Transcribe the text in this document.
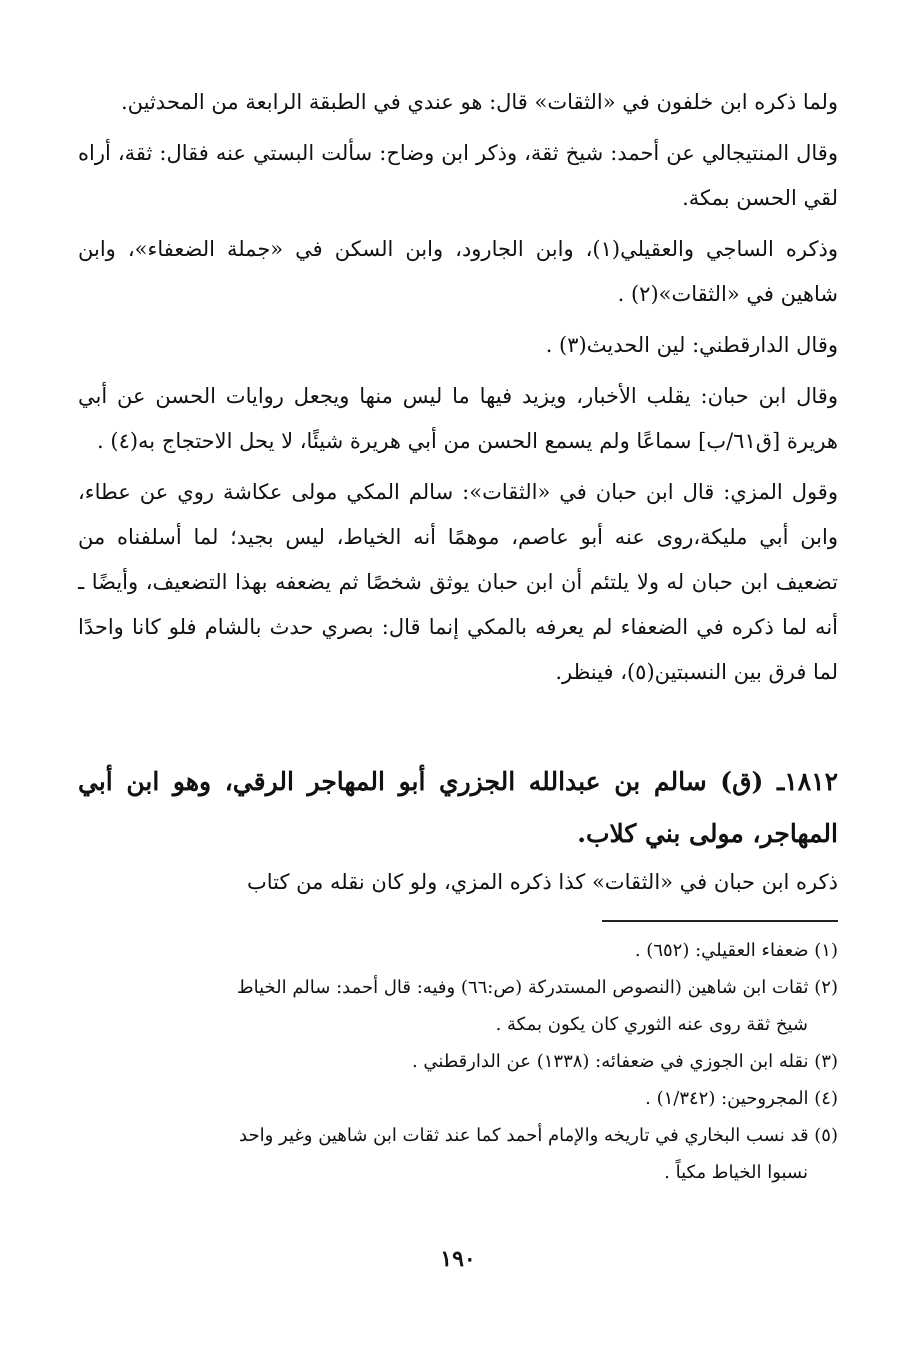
ولما ذكره ابن خلفون في «الثقات» قال: هو عندي في الطبقة الرابعة من المحدثين.

وقال المنتيجالي عن أحمد: شيخ ثقة، وذكر ابن وضاح: سألت البستي عنه فقال: ثقة، أراه لقي الحسن بمكة.

وذكره الساجي والعقيلي(١)، وابن الجارود، وابن السكن في «جملة الضعفاء»، وابن شاهين في «الثقات»(٢) .

وقال الدارقطني: لين الحديث(٣) .

وقال ابن حبان: يقلب الأخبار، ويزيد فيها ما ليس منها ويجعل روايات الحسن عن أبي هريرة [ق٦١/ب] سماعًا ولم يسمع الحسن من أبي هريرة شيئًا، لا يحل الاحتجاج به(٤) .

وقول المزي: قال ابن حبان في «الثقات»: سالم المكي مولى عكاشة روي عن عطاء، وابن أبي مليكة،روى عنه أبو عاصم، موهمًا أنه الخياط، ليس بجيد؛ لما أسلفناه من تضعيف ابن حبان له ولا يلتئم أن ابن حبان يوثق شخصًا ثم يضعفه بهذا التضعيف، وأيضًا ـ أنه لما ذكره في الضعفاء لم يعرفه بالمكي إنما قال: بصري حدث بالشام فلو كانا واحدًا لما فرق بين النسبتين(٥)، فينظر.

١٨١٢ـ (ق) سالم بن عبدالله الجزري أبو المهاجر الرقي، وهو ابن أبي المهاجر، مولى بني كلاب.

ذكره ابن حبان في «الثقات» كذا ذكره المزي، ولو كان نقله من كتاب

(١) ضعفاء العقيلي: (٦٥٢) .

(٢) ثقات ابن شاهين (النصوص المستدركة (ص:٦٦) وفيه: قال أحمد: سالم الخياط

شيخ ثقة روى عنه الثوري كان يكون بمكة .

(٣) نقله ابن الجوزي في ضعفائه: (١٣٣٨) عن الدارقطني .

(٤) المجروحين: (١/٣٤٢) .

(٥) قد نسب البخاري في تاريخه والإمام أحمد كما عند ثقات ابن شاهين وغير واحد

نسبوا الخياط مكياً .

١٩٠
